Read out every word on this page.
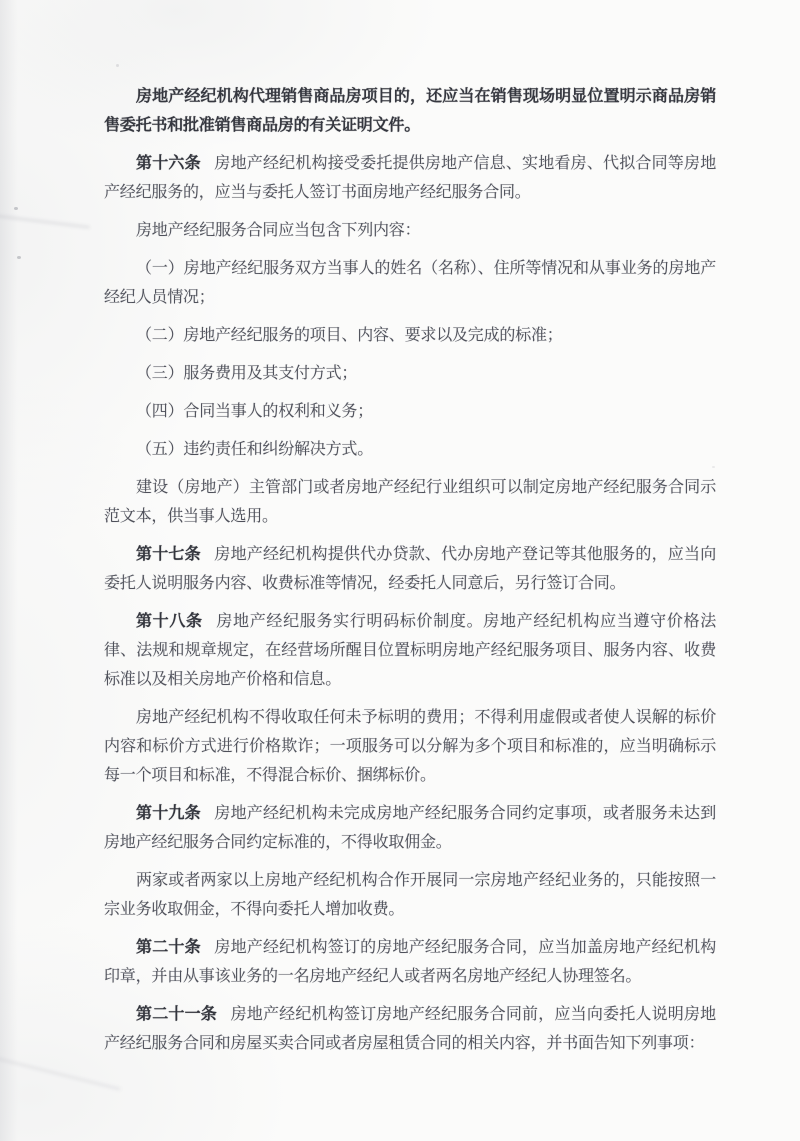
房地产经纪机构代理销售商品房项目的，还应当在销售现场明显位置明示商品房销售委托书和批准销售商品房的有关证明文件。

第十六条 房地产经纪机构接受委托提供房地产信息、实地看房、代拟合同等房地产经纪服务的，应当与委托人签订书面房地产经纪服务合同。

房地产经纪服务合同应当包含下列内容：

（一）房地产经纪服务双方当事人的姓名（名称）、住所等情况和从事业务的房地产经纪人员情况；

（二）房地产经纪服务的项目、内容、要求以及完成的标准；

（三）服务费用及其支付方式；

（四）合同当事人的权利和义务；

（五）违约责任和纠纷解决方式。

建设（房地产）主管部门或者房地产经纪行业组织可以制定房地产经纪服务合同示范文本，供当事人选用。

第十七条 房地产经纪机构提供代办贷款、代办房地产登记等其他服务的，应当向委托人说明服务内容、收费标准等情况，经委托人同意后，另行签订合同。

第十八条 房地产经纪服务实行明码标价制度。房地产经纪机构应当遵守价格法律、法规和规章规定，在经营场所醒目位置标明房地产经纪服务项目、服务内容、收费标准以及相关房地产价格和信息。

房地产经纪机构不得收取任何未予标明的费用；不得利用虚假或者使人误解的标价内容和标价方式进行价格欺诈；一项服务可以分解为多个项目和标准的，应当明确标示每一个项目和标准，不得混合标价、捆绑标价。

第十九条 房地产经纪机构未完成房地产经纪服务合同约定事项，或者服务未达到房地产经纪服务合同约定标准的，不得收取佣金。

两家或者两家以上房地产经纪机构合作开展同一宗房地产经纪业务的，只能按照一宗业务收取佣金，不得向委托人增加收费。

第二十条 房地产经纪机构签订的房地产经纪服务合同，应当加盖房地产经纪机构印章，并由从事该业务的一名房地产经纪人或者两名房地产经纪人协理签名。

第二十一条 房地产经纪机构签订房地产经纪服务合同前，应当向委托人说明房地产经纪服务合同和房屋买卖合同或者房屋租赁合同的相关内容，并书面告知下列事项：
